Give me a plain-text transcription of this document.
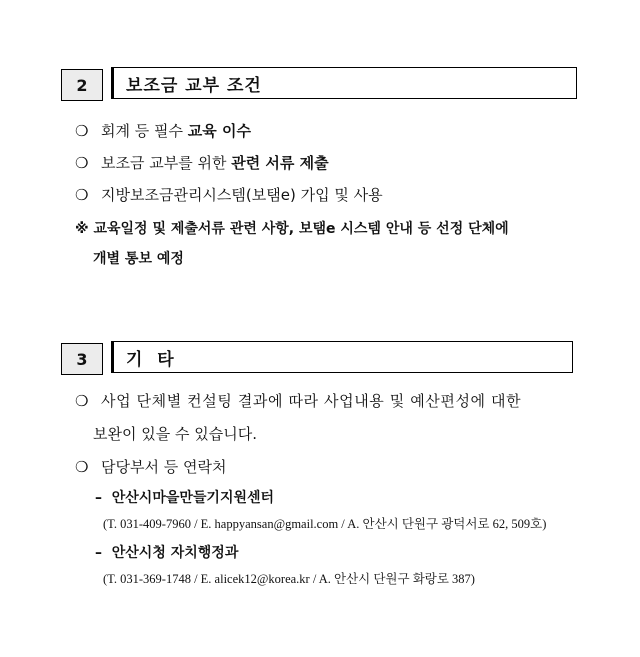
2	보조금 교부 조건
❍ 회계 등 필수 교육 이수
❍ 보조금 교부를 위한 관련 서류 제출
❍ 지방보조금관리시스템(보탬e) 가입 및 사용
※ 교육일정 및 제출서류 관련 사항, 보탬e 시스템 안내 등 선정 단체에
개별 통보 예정
3	기  타
❍ 사업 단체별 컨설팅 결과에 따라 사업내용 및 예산편성에 대한
보완이 있을 수 있습니다.
❍ 담당부서 등 연락처
– 안산시마을만들기지원센터
(T. 031-409-7960 / E. happyansan@gmail.com / A. 안산시 단원구 광덕서로 62, 509호)
– 안산시청 자치행정과
(T. 031-369-1748 / E. alicek12@korea.kr / A. 안산시 단원구 화랑로 387)
